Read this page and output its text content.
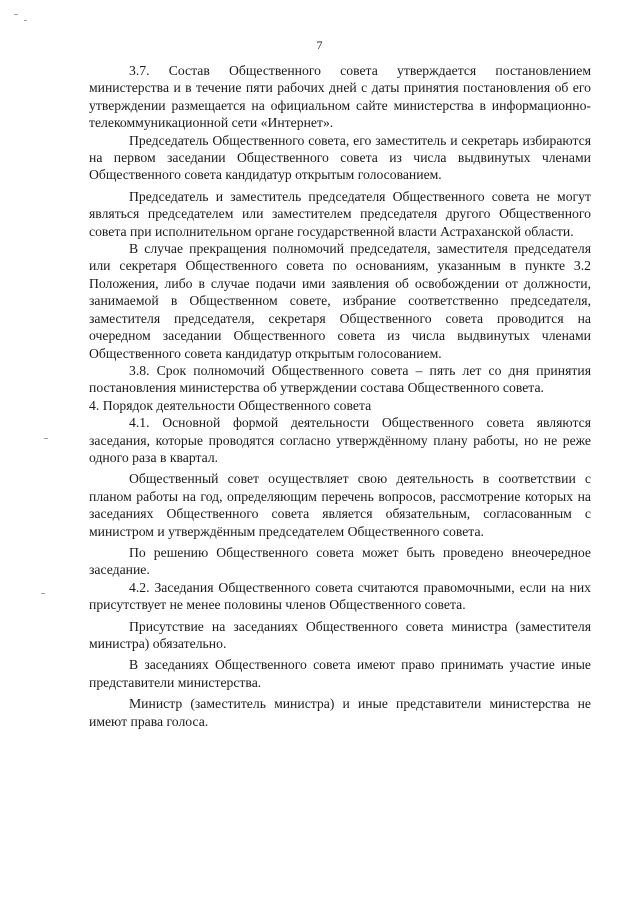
7

3.7. Состав Общественного совета утверждается постановлением министерства и в течение пяти рабочих дней с даты принятия постановления об его утверждении размещается на официальном сайте министерства в информационно-телекоммуникационной сети «Интернет».

Председатель Общественного совета, его заместитель и секретарь избираются на первом заседании Общественного совета из числа выдвинутых членами Общественного совета кандидатур открытым голосованием.

Председатель и заместитель председателя Общественного совета не могут являться председателем или заместителем председателя другого Общественного совета при исполнительном органе государственной власти Астраханской области.

В случае прекращения полномочий председателя, заместителя председателя или секретаря Общественного совета по основаниям, указанным в пункте 3.2 Положения, либо в случае подачи ими заявления об освобождении от должности, занимаемой в Общественном совете, избрание соответственно председателя, заместителя председателя, секретаря Общественного совета проводится на очередном заседании Общественного совета из числа выдвинутых членами Общественного совета кандидатур открытым голосованием.

3.8. Срок полномочий Общественного совета – пять лет со дня принятия постановления министерства об утверждении состава Общественного совета.

4. Порядок деятельности Общественного совета

4.1. Основной формой деятельности Общественного совета являются заседания, которые проводятся согласно утверждённому плану работы, но не реже одного раза в квартал.

Общественный совет осуществляет свою деятельность в соответствии с планом работы на год, определяющим перечень вопросов, рассмотрение которых на заседаниях Общественного совета является обязательным, согласованным с министром и утверждённым председателем Общественного совета.

По решению Общественного совета может быть проведено внеочередное заседание.

4.2. Заседания Общественного совета считаются правомочными, если на них присутствует не менее половины членов Общественного совета.

Присутствие на заседаниях Общественного совета министра (заместителя министра) обязательно.

В заседаниях Общественного совета имеют право принимать участие иные представители министерства.

Министр (заместитель министра) и иные представители министерства не имеют права голоса.
